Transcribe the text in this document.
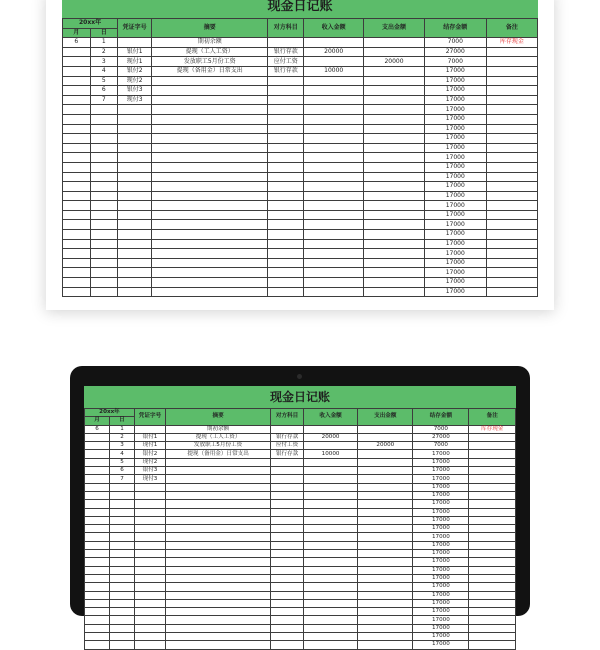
现金日记账
20xx年		凭证字号	摘要	对方科目	收入金额	支出金额	结存金额	备注
月	日							
6	1		期初余额				7000	库存现金
	2	银付1	提现（工人工资）	银行存款	20000		27000	
	3	现付1	发放职工5月份工资	应付工资		20000	7000	
	4	银付2	提现（备用金）日常支出	银行存款	10000		17000	
	5	现付2					17000	
	6	银付3					17000	
	7	现付3					17000	
							17000	
							17000	
							17000	
							17000	
							17000	
							17000	
							17000	
							17000	
							17000	
							17000	
							17000	
							17000	
							17000	
							17000	
							17000	
							17000	
							17000	
							17000	
							17000	
							17000	
现金日记账
20xx年		凭证字号	摘要	对方科目	收入金额	支出金额	结存金额	备注
月	日							
6	1		期初余额				7000	库存现金
	2	银付1	提现（工人工资）	银行存款	20000		27000	
	3	现付1	发放职工5月份工资	应付工资		20000	7000	
	4	银付2	提现（备用金）日常支出	银行存款	10000		17000	
	5	现付2					17000	
	6	银付3					17000	
	7	现付3					17000	
							17000	
							17000	
							17000	
							17000	
							17000	
							17000	
							17000	
							17000	
							17000	
							17000	
							17000	
							17000	
							17000	
							17000	
							17000	
							17000	
							17000	
							17000	
							17000	
							17000	
